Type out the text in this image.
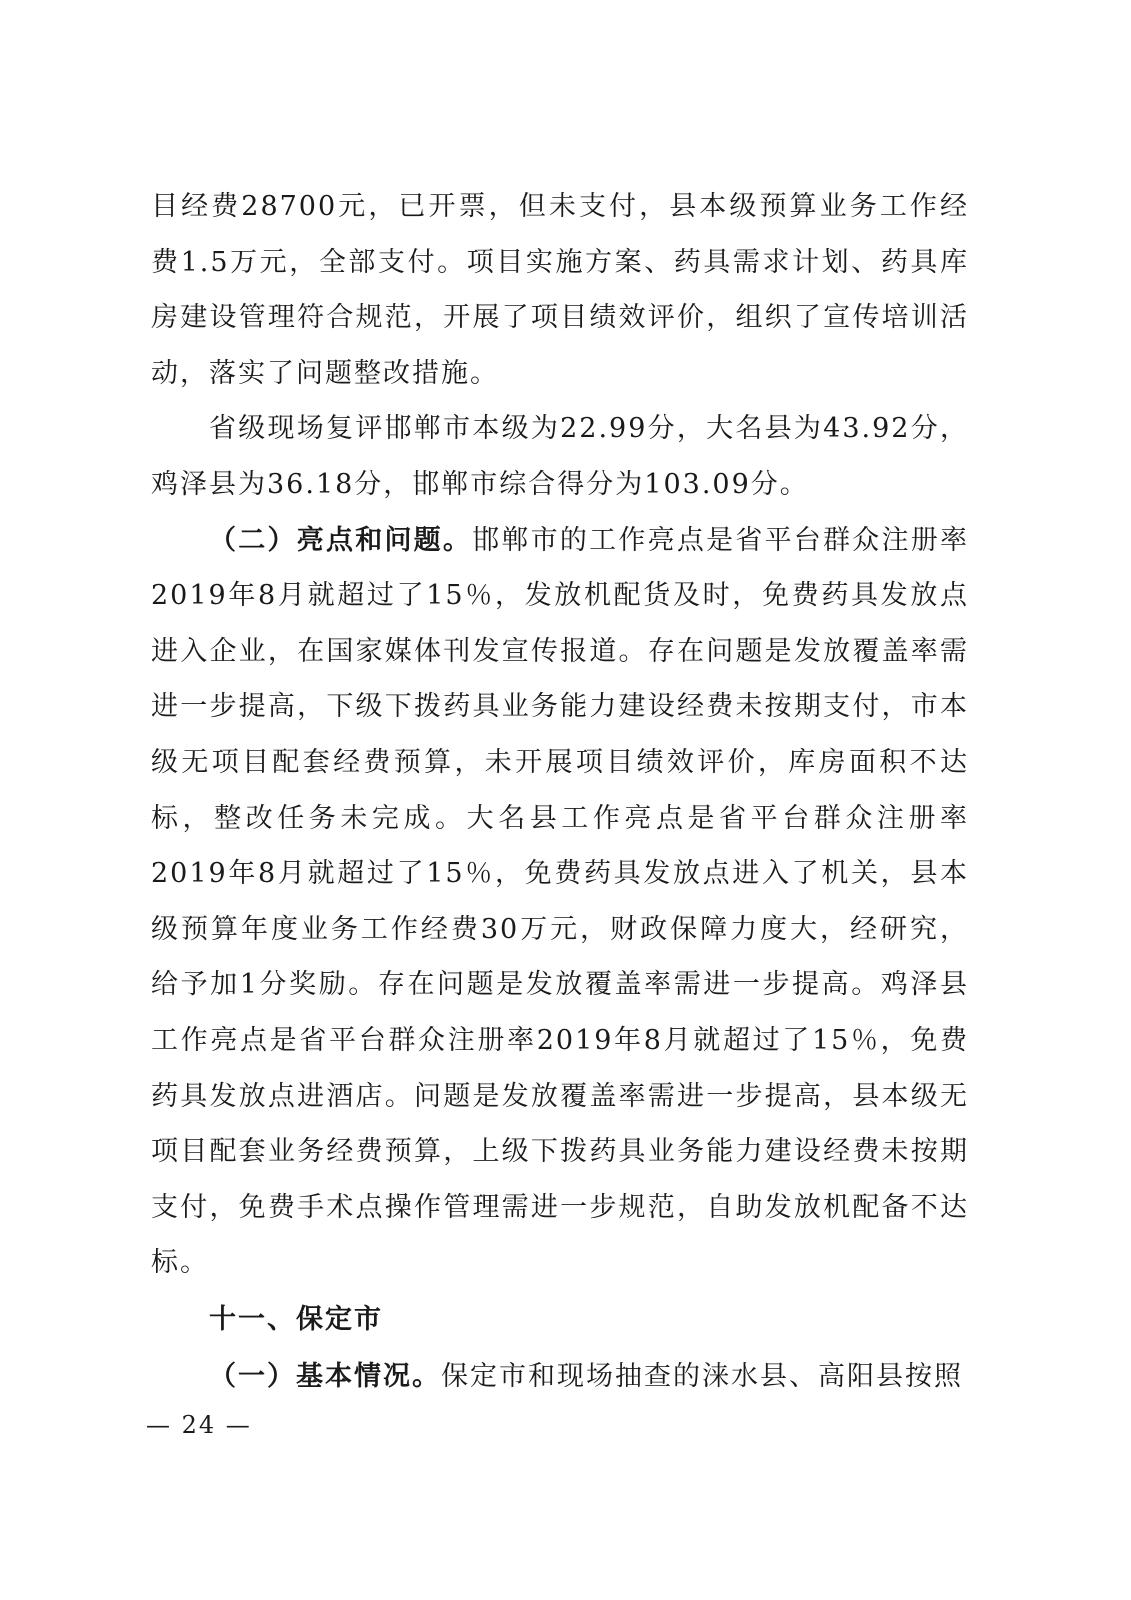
目经费28700元，已开票，但未支付，县本级预算业务工作经费1.5万元，全部支付。项目实施方案、药具需求计划、药具库房建设管理符合规范，开展了项目绩效评价，组织了宣传培训活动，落实了问题整改措施。

省级现场复评邯郸市本级为22.99分，大名县为43.92分，鸡泽县为36.18分，邯郸市综合得分为103.09分。

（二）亮点和问题。邯郸市的工作亮点是省平台群众注册率2019年8月就超过了15％，发放机配货及时，免费药具发放点进入企业，在国家媒体刊发宣传报道。存在问题是发放覆盖率需进一步提高，下级下拨药具业务能力建设经费未按期支付，市本级无项目配套经费预算，未开展项目绩效评价，库房面积不达标，整改任务未完成。大名县工作亮点是省平台群众注册率2019年8月就超过了15％，免费药具发放点进入了机关，县本级预算年度业务工作经费30万元，财政保障力度大，经研究，给予加1分奖励。存在问题是发放覆盖率需进一步提高。鸡泽县工作亮点是省平台群众注册率2019年8月就超过了15％，免费药具发放点进酒店。问题是发放覆盖率需进一步提高，县本级无项目配套业务经费预算，上级下拨药具业务能力建设经费未按期支付，免费手术点操作管理需进一步规范，自助发放机配备不达标。

十一、保定市

（一）基本情况。保定市和现场抽查的涞水县、高阳县按照

— 24 —
